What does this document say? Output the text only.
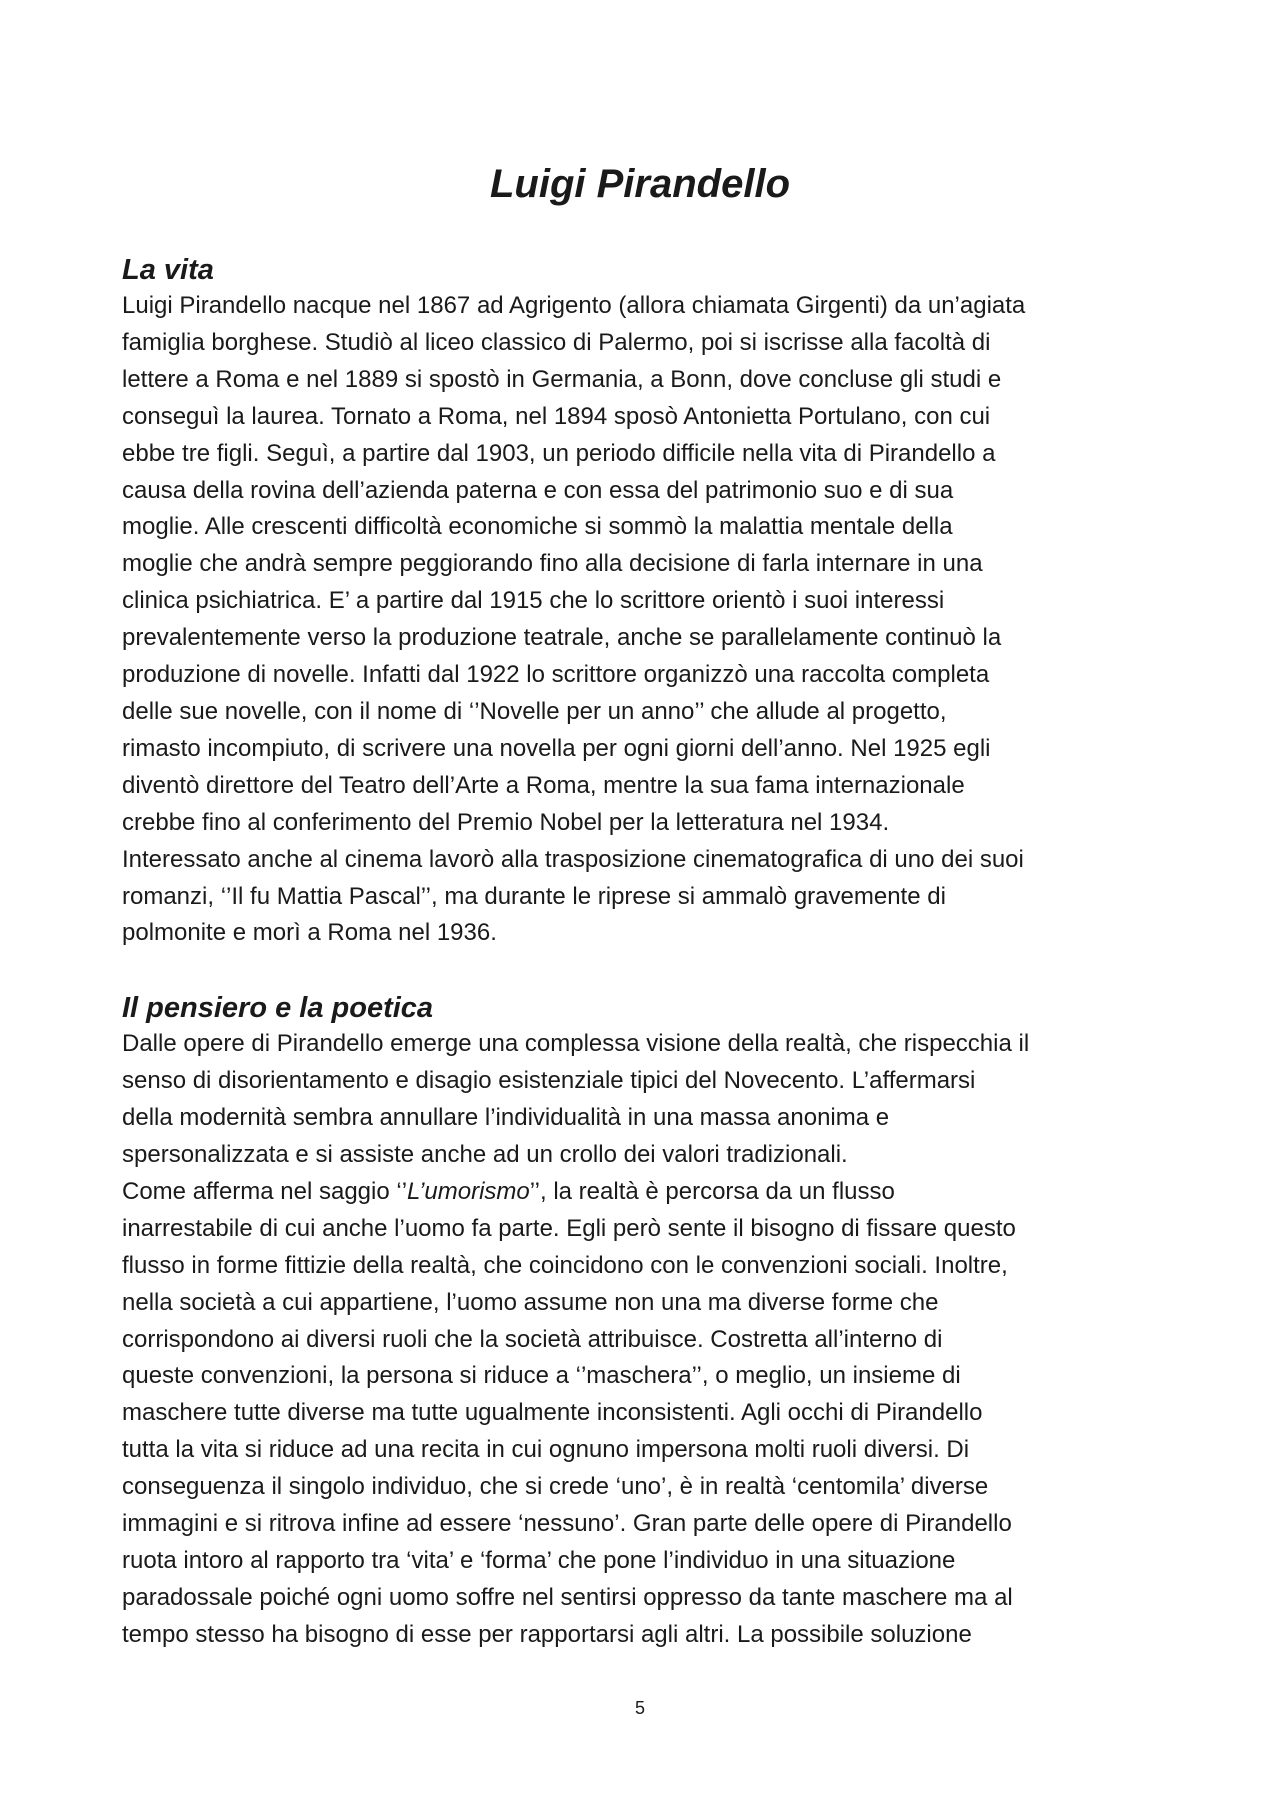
Luigi Pirandello
La vita

Luigi Pirandello nacque nel 1867 ad Agrigento (allora chiamata Girgenti) da un’agiata
famiglia borghese. Studiò al liceo classico di Palermo, poi si iscrisse alla facoltà di
lettere a Roma e nel 1889 si spostò in Germania, a Bonn, dove concluse gli studi e
conseguì la laurea. Tornato a Roma, nel 1894 sposò Antonietta Portulano, con cui
ebbe tre figli. Seguì, a partire dal 1903, un periodo difficile nella vita di Pirandello a
causa della rovina dell’azienda paterna e con essa del patrimonio suo e di sua
moglie. Alle crescenti difficoltà economiche si sommò la malattia mentale della
moglie che andrà sempre peggiorando fino alla decisione di farla internare in una
clinica psichiatrica. E’ a partire dal 1915 che lo scrittore orientò i suoi interessi
prevalentemente verso la produzione teatrale, anche se parallelamente continuò la
produzione di novelle. Infatti dal 1922 lo scrittore organizzò una raccolta completa
delle sue novelle, con il nome di ‘’Novelle per un anno’’ che allude al progetto,
rimasto incompiuto, di scrivere una novella per ogni giorni dell’anno. Nel 1925 egli
diventò direttore del Teatro dell’Arte a Roma, mentre la sua fama internazionale
crebbe fino al conferimento del Premio Nobel per la letteratura nel 1934.
Interessato anche al cinema lavorò alla trasposizione cinematografica di uno dei suoi
romanzi, ‘’Il fu Mattia Pascal’’, ma durante le riprese si ammalò gravemente di
polmonite e morì a Roma nel 1936.

Il pensiero e la poetica

Dalle opere di Pirandello emerge una complessa visione della realtà, che rispecchia il
senso di disorientamento e disagio esistenziale tipici del Novecento. L’affermarsi
della modernità sembra annullare l’individualità in una massa anonima e
spersonalizzata e si assiste anche ad un crollo dei valori tradizionali.
Come afferma nel saggio ‘’L’umorismo’’, la realtà è percorsa da un flusso
inarrestabile di cui anche l’uomo fa parte. Egli però sente il bisogno di fissare questo
flusso in forme fittizie della realtà, che coincidono con le convenzioni sociali. Inoltre,
nella società a cui appartiene, l’uomo assume non una ma diverse forme che
corrispondono ai diversi ruoli che la società attribuisce. Costretta all’interno di
queste convenzioni, la persona si riduce a ‘’maschera’’, o meglio, un insieme di
maschere tutte diverse ma tutte ugualmente inconsistenti. Agli occhi di Pirandello
tutta la vita si riduce ad una recita in cui ognuno impersona molti ruoli diversi. Di
conseguenza il singolo individuo, che si crede ‘uno’, è in realtà ‘centomila’ diverse
immagini e si ritrova infine ad essere ‘nessuno’. Gran parte delle opere di Pirandello
ruota intoro al rapporto tra ‘vita’ e ‘forma’ che pone l’individuo in una situazione
paradossale poiché ogni uomo soffre nel sentirsi oppresso da tante maschere ma al
tempo stesso ha bisogno di esse per rapportarsi agli altri. La possibile soluzione

5
